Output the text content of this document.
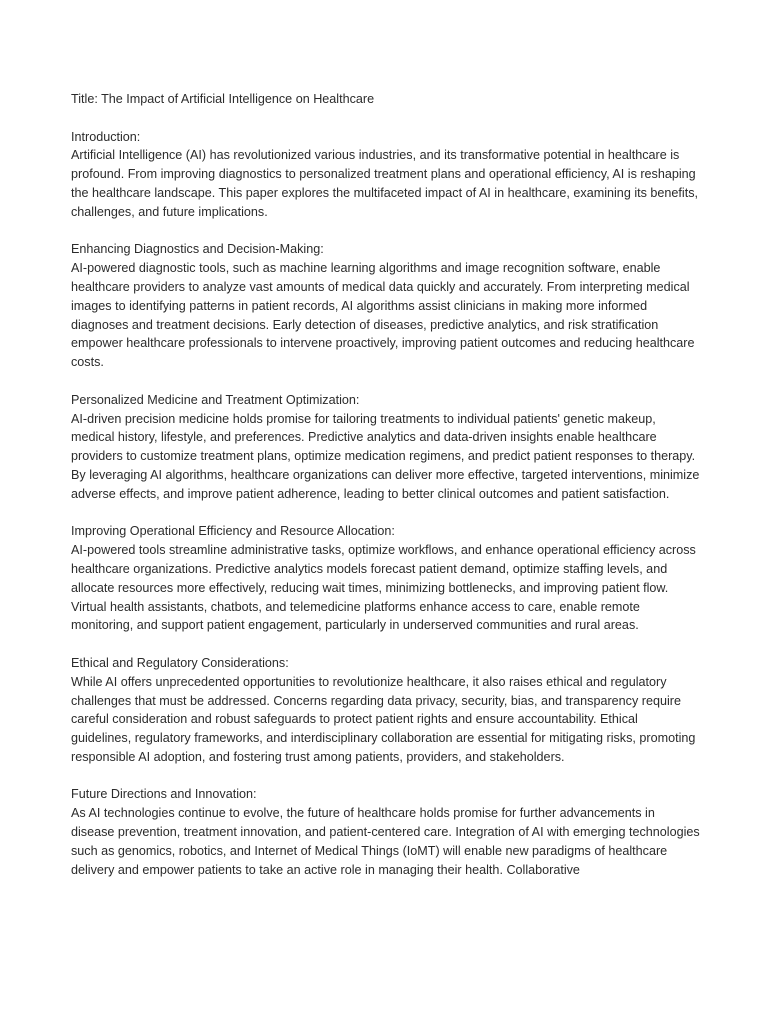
Title: The Impact of Artificial Intelligence on Healthcare

Introduction:

Artificial Intelligence (AI) has revolutionized various industries, and its transformative potential in healthcare is profound. From improving diagnostics to personalized treatment plans and operational efficiency, AI is reshaping the healthcare landscape. This paper explores the multifaceted impact of AI in healthcare, examining its benefits, challenges, and future implications.

Enhancing Diagnostics and Decision-Making:

AI-powered diagnostic tools, such as machine learning algorithms and image recognition software, enable healthcare providers to analyze vast amounts of medical data quickly and accurately. From interpreting medical images to identifying patterns in patient records, AI algorithms assist clinicians in making more informed diagnoses and treatment decisions. Early detection of diseases, predictive analytics, and risk stratification empower healthcare professionals to intervene proactively, improving patient outcomes and reducing healthcare costs.

Personalized Medicine and Treatment Optimization:

AI-driven precision medicine holds promise for tailoring treatments to individual patients' genetic makeup, medical history, lifestyle, and preferences. Predictive analytics and data-driven insights enable healthcare providers to customize treatment plans, optimize medication regimens, and predict patient responses to therapy. By leveraging AI algorithms, healthcare organizations can deliver more effective, targeted interventions, minimize adverse effects, and improve patient adherence, leading to better clinical outcomes and patient satisfaction.

Improving Operational Efficiency and Resource Allocation:

AI-powered tools streamline administrative tasks, optimize workflows, and enhance operational efficiency across healthcare organizations. Predictive analytics models forecast patient demand, optimize staffing levels, and allocate resources more effectively, reducing wait times, minimizing bottlenecks, and improving patient flow. Virtual health assistants, chatbots, and telemedicine platforms enhance access to care, enable remote monitoring, and support patient engagement, particularly in underserved communities and rural areas.

Ethical and Regulatory Considerations:

While AI offers unprecedented opportunities to revolutionize healthcare, it also raises ethical and regulatory challenges that must be addressed. Concerns regarding data privacy, security, bias, and transparency require careful consideration and robust safeguards to protect patient rights and ensure accountability. Ethical guidelines, regulatory frameworks, and interdisciplinary collaboration are essential for mitigating risks, promoting responsible AI adoption, and fostering trust among patients, providers, and stakeholders.

Future Directions and Innovation:

As AI technologies continue to evolve, the future of healthcare holds promise for further advancements in disease prevention, treatment innovation, and patient-centered care. Integration of AI with emerging technologies such as genomics, robotics, and Internet of Medical Things (IoMT) will enable new paradigms of healthcare delivery and empower patients to take an active role in managing their health. Collaborative
